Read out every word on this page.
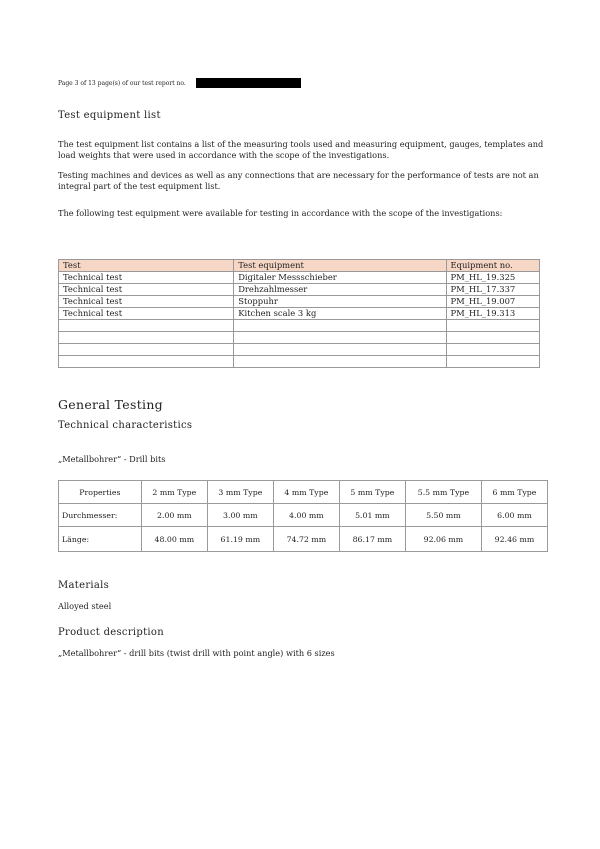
Page 3 of 13 page(s) of our test report no.
Test equipment list
The test equipment list contains a list of the measuring tools used and measuring equipment, gauges, templates and load weights that were used in accordance with the scope of the investigations.
Testing machines and devices as well as any connections that are necessary for the performance of tests are not an integral part of the test equipment list.
The following test equipment were available for testing in accordance with the scope of the investigations:
Test	Test equipment	Equipment no.
Technical test	Digitaler Messschieber	PM_HL_19.325
Technical test	Drehzahlmesser	PM_HL_17.337
Technical test	Stoppuhr	PM_HL_19.007
Technical test	Kitchen scale 3 kg	PM_HL_19.313

General Testing
Technical characteristics
„Metallbohrer“ - Drill bits
Properties	2 mm Type	3 mm Type	4 mm Type	5 mm Type	5.5 mm Type	6 mm Type
Durchmesser:	2.00 mm	3.00 mm	4.00 mm	5.01 mm	5.50 mm	6.00 mm
Länge:	48.00 mm	61.19 mm	74.72 mm	86.17 mm	92.06 mm	92.46 mm
Materials
Alloyed steel
Product description
„Metallbohrer“ - drill bits (twist drill with point angle) with 6 sizes
